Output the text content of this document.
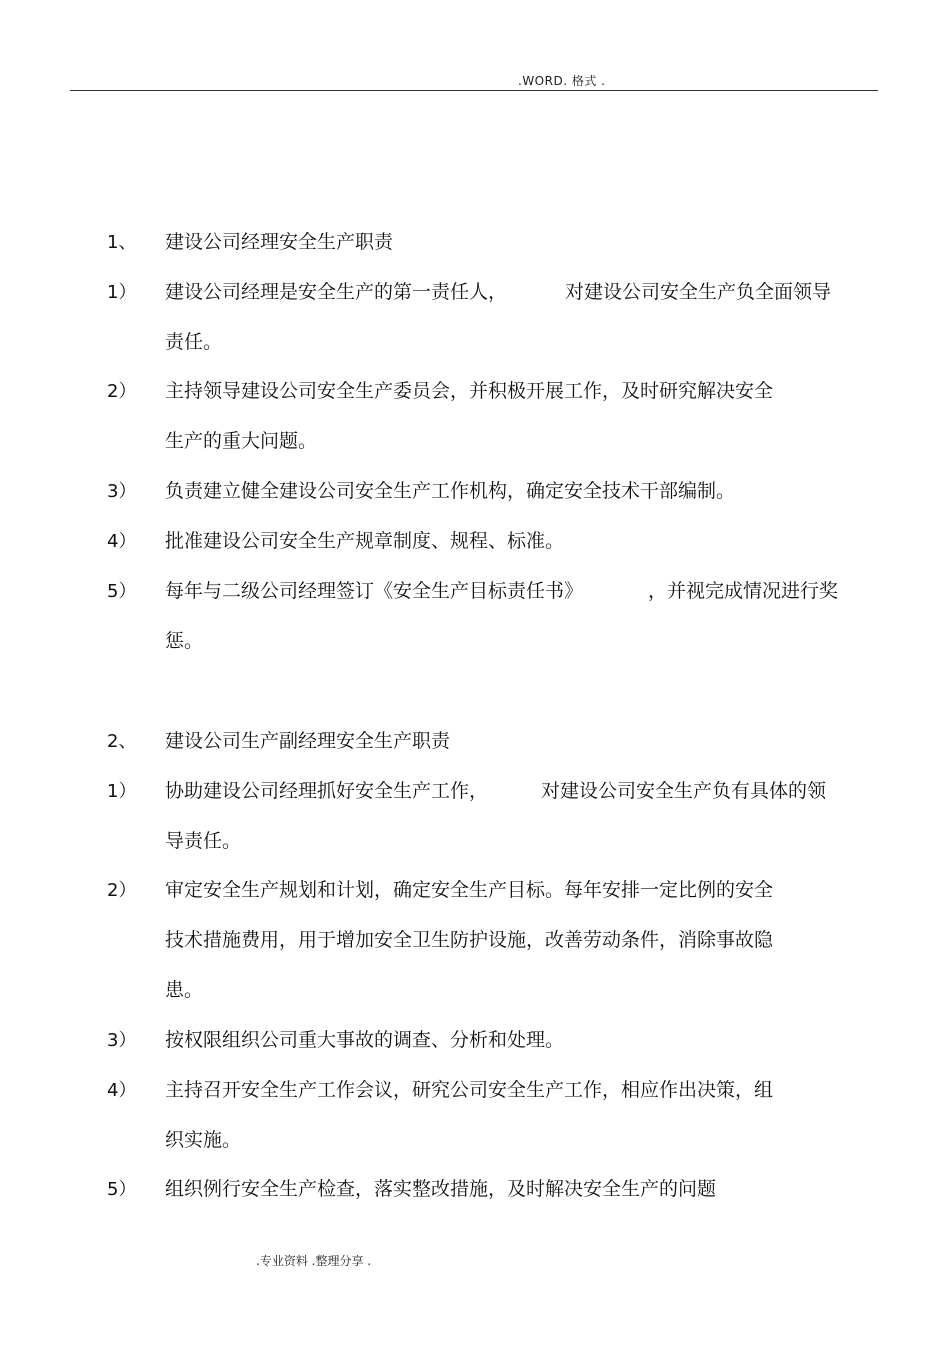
.WORD. 格式 .
1、 建设公司经理安全生产职责
1） 建设公司经理是安全生产的第一责任人，	对建设公司安全生产负全面领导
责任。
2） 主持领导建设公司安全生产委员会，并积极开展工作，及时研究解决安全
生产的重大问题。
3） 负责建立健全建设公司安全生产工作机构，确定安全技术干部编制。
4） 批准建设公司安全生产规章制度、规程、标准。
5） 每年与二级公司经理签订《安全生产目标责任书》	，并视完成情况进行奖
惩。
2、 建设公司生产副经理安全生产职责
1） 协助建设公司经理抓好安全生产工作，	对建设公司安全生产负有具体的领
导责任。
2） 审定安全生产规划和计划，确定安全生产目标。每年安排一定比例的安全
技术措施费用，用于增加安全卫生防护设施，改善劳动条件，消除事故隐
患。
3） 按权限组织公司重大事故的调查、分析和处理。
4） 主持召开安全生产工作会议，研究公司安全生产工作，相应作出决策，组
织实施。
5） 组织例行安全生产检查，落实整改措施，及时解决安全生产的问题
.专业资料 .整理分享 .
